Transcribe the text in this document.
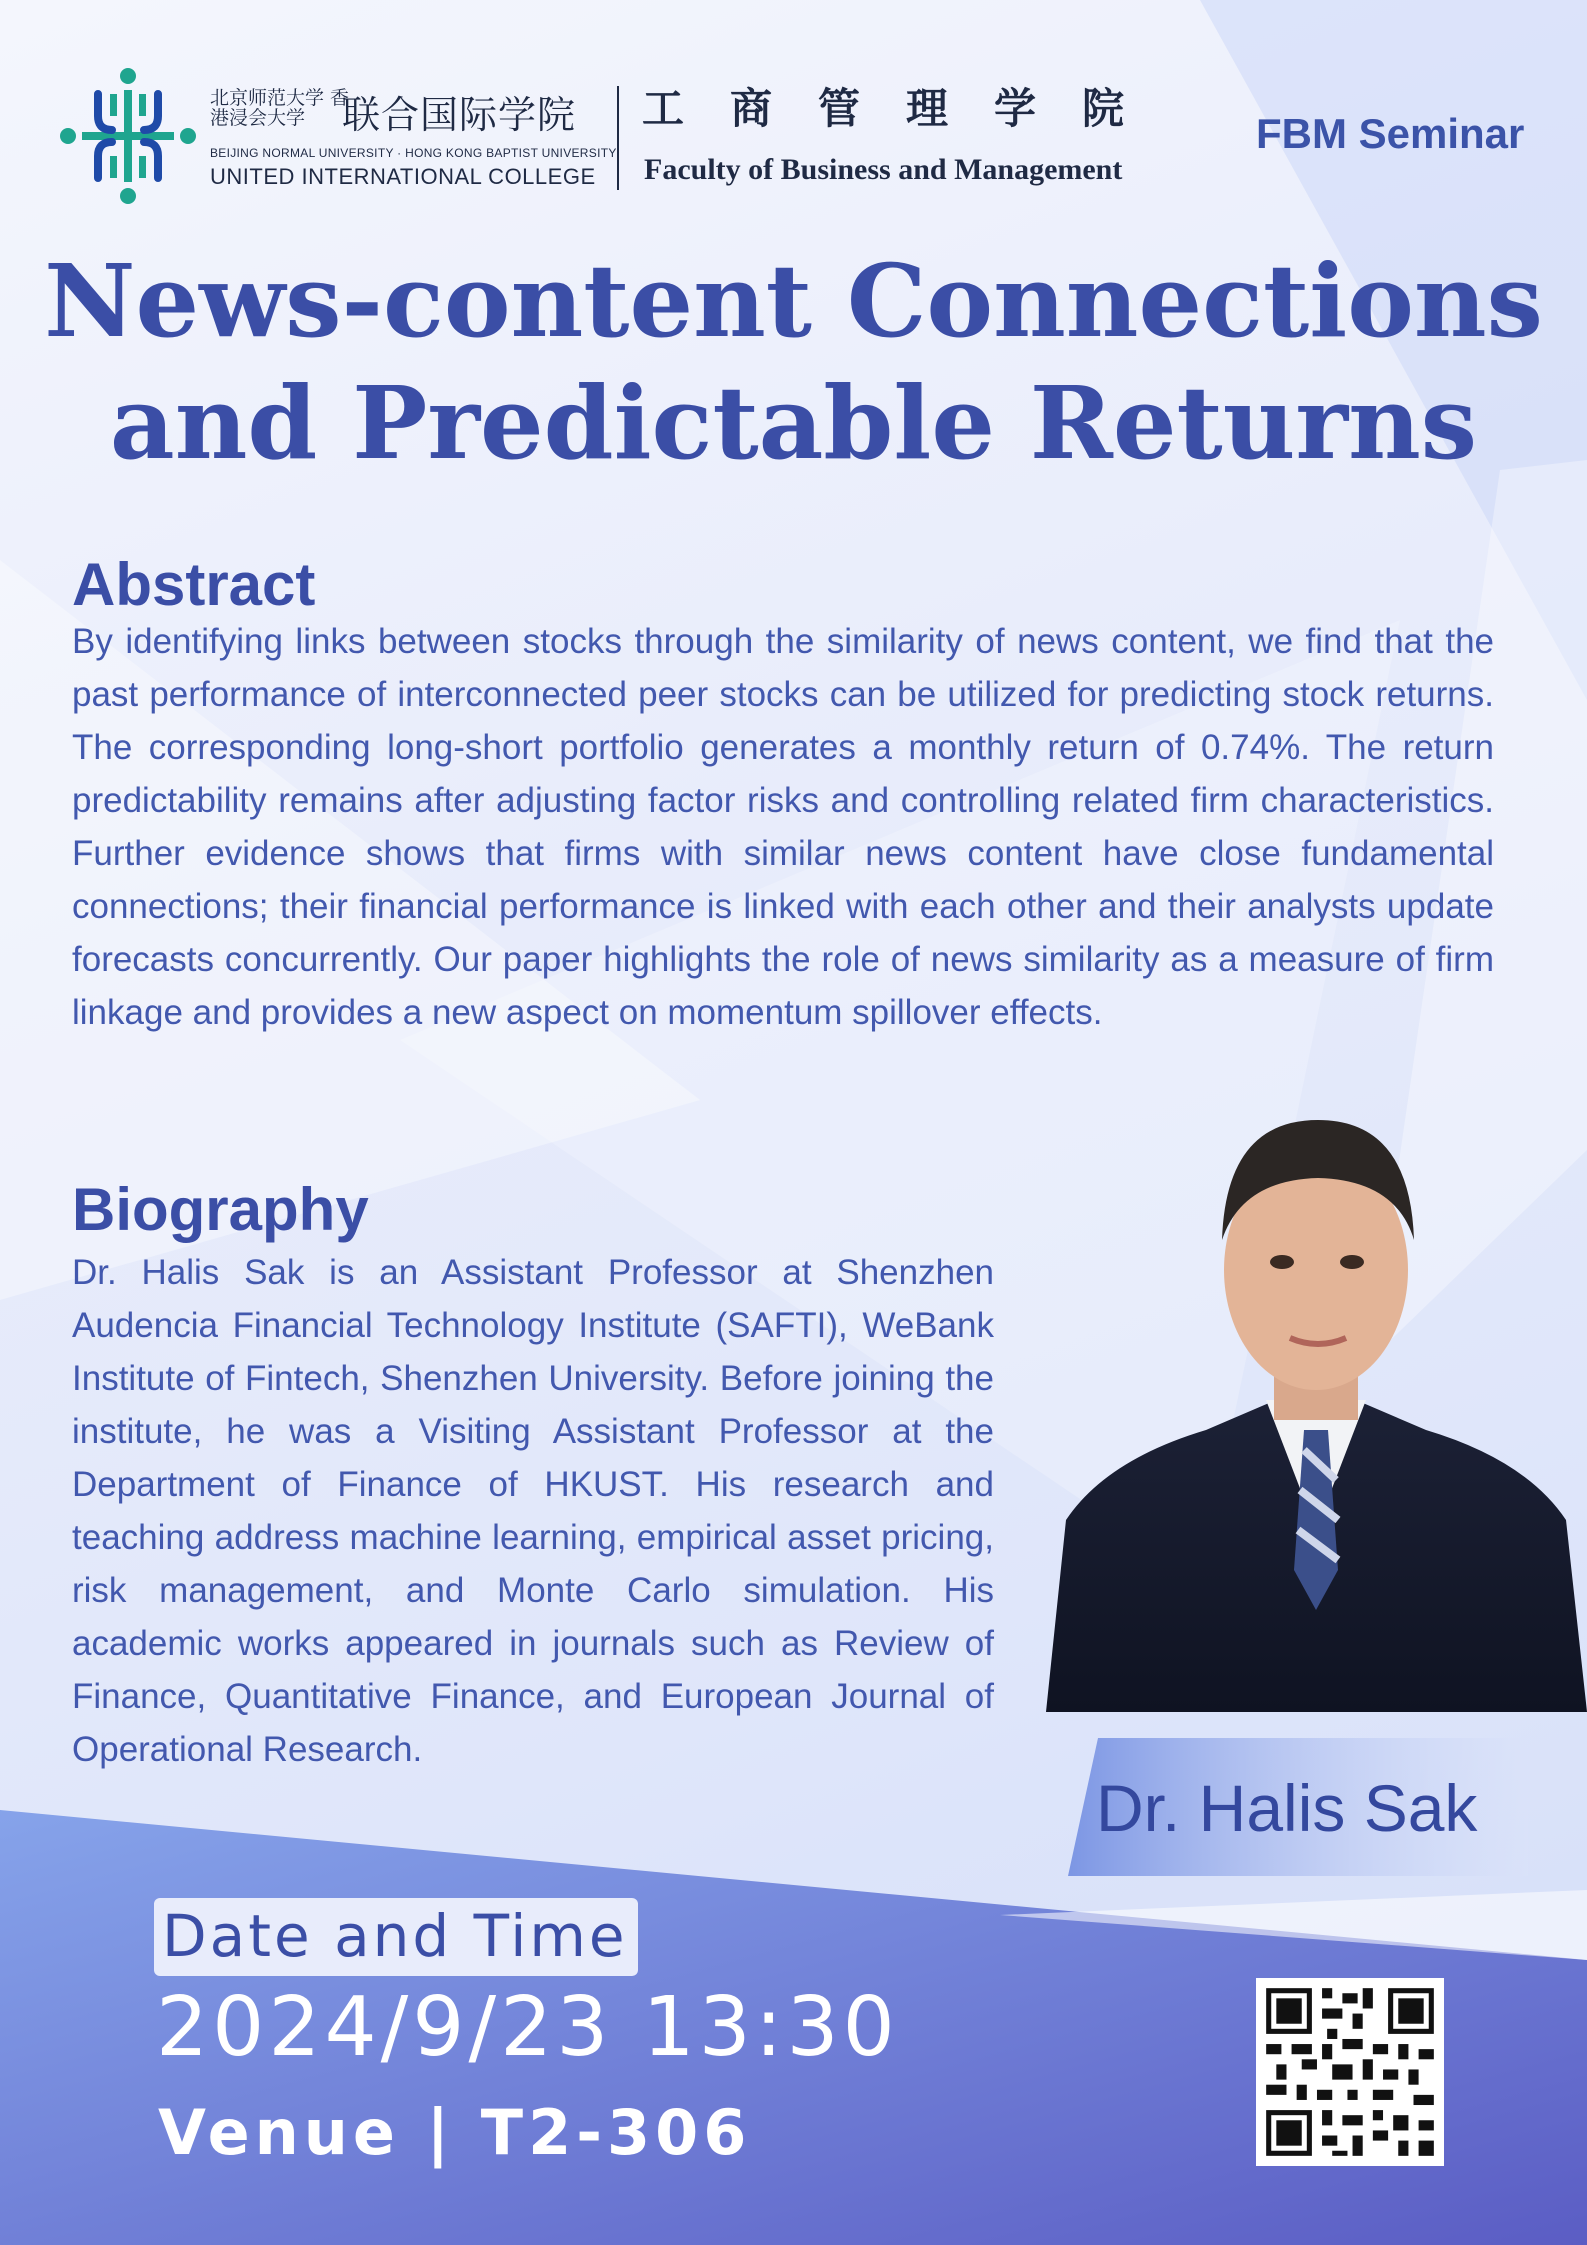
北京师范大学 香港浸会大学 联合国际学院
BEIJING NORMAL UNIVERSITY · HONG KONG BAPTIST UNIVERSITY
UNITED INTERNATIONAL COLLEGE
工商管理学院
Faculty of Business and Management
FBM Seminar
News-content Connections and Predictable Returns
Abstract
By identifying links between stocks through the similarity of news content, we find that the past performance of interconnected peer stocks can be utilized for predicting stock returns. The corresponding long-short portfolio generates a monthly return of 0.74%. The return predictability remains after adjusting factor risks and controlling related firm characteristics. Further evidence shows that firms with similar news content have close fundamental connections; their financial performance is linked with each other and their analysts update forecasts concurrently. Our paper highlights the role of news similarity as a measure of firm linkage and provides a new aspect on momentum spillover effects.
Biography
Dr. Halis Sak is an Assistant Professor at Shenzhen Audencia Financial Technology Institute (SAFTI), WeBank Institute of Fintech, Shenzhen University. Before joining the institute, he was a Visiting Assistant Professor at the Department of Finance of HKUST. His research and teaching address machine learning, empirical asset pricing, risk management, and Monte Carlo simulation. His academic works appeared in journals such as Review of Finance, Quantitative Finance, and European Journal of Operational Research.
Dr. Halis Sak
Date and Time
2024/9/23 13:30
Venue | T2-306
